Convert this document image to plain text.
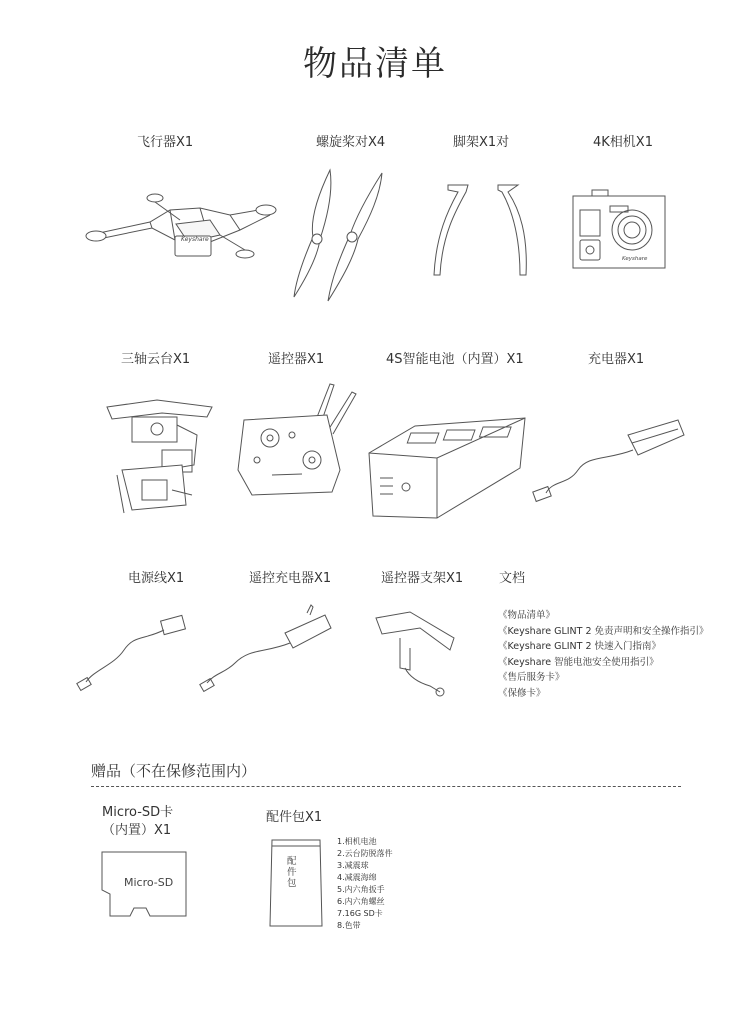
物品清单
飞行器X1	螺旋桨对X4	脚架X1对	4K相机X1
Keyshare
Keyshare
三轴云台X1	遥控器X1	4S智能电池（内置）X1	充电器X1
电源线X1	遥控充电器X1	遥控器支架X1	文档
《物品清单》
《Keyshare GLINT 2 免责声明和安全操作指引》
《Keyshare GLINT 2 快速入门指南》
《Keyshare 智能电池安全使用指引》
《售后服务卡》
《保修卡》
赠品（不在保修范围内）
Micro-SD卡
（内置）X1
Micro-SD
配件包X1
配件包
1.相机电池
2.云台防脱落件
3.减震球
4.减震海绵
5.内六角扳手
6.内六角螺丝
7.16G SD卡
8.色带
